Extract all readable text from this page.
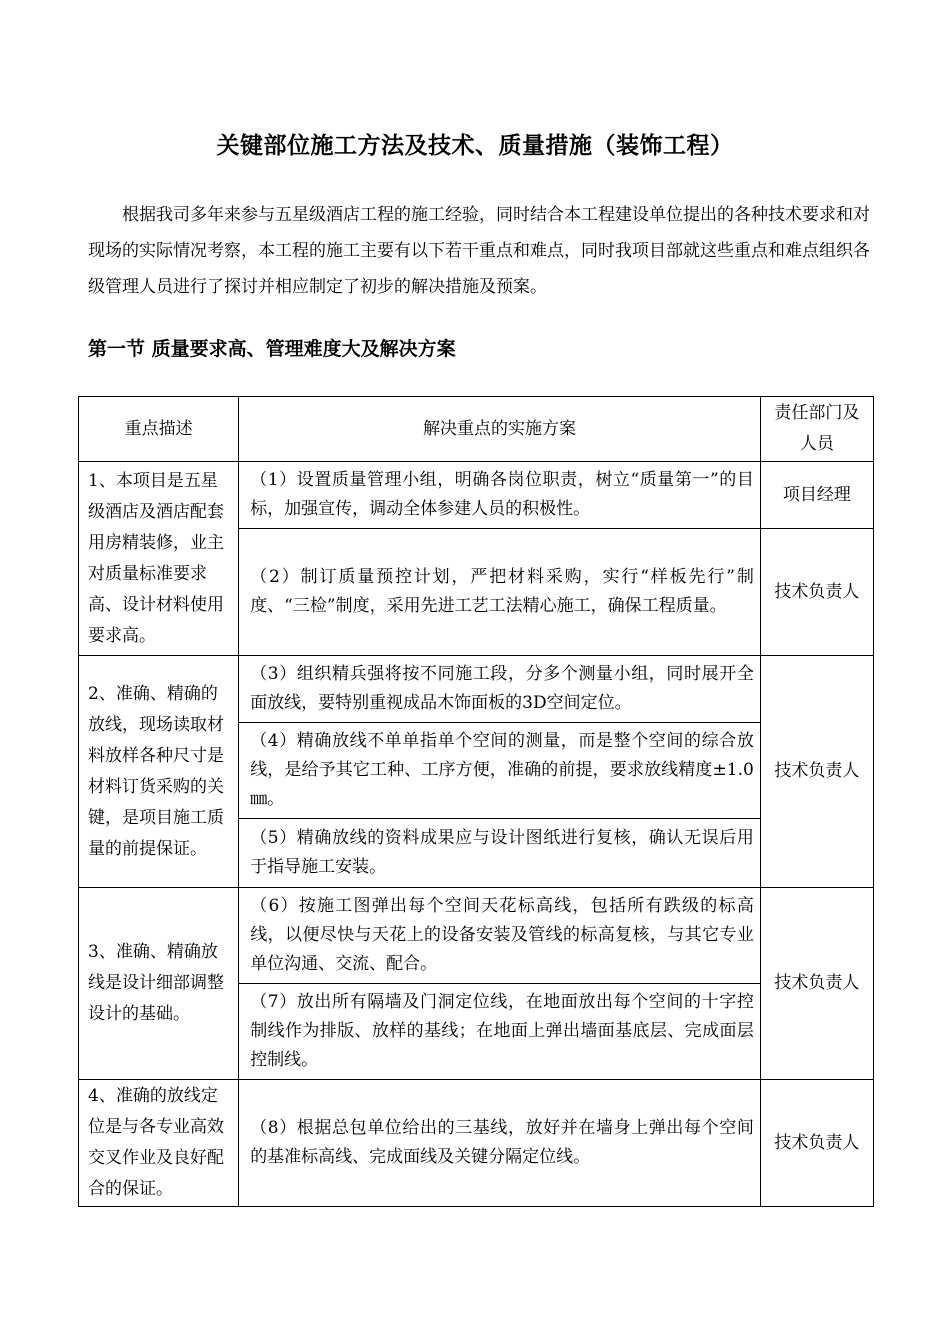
关键部位施工方法及技术、质量措施（装饰工程）
根据我司多年来参与五星级酒店工程的施工经验，同时结合本工程建设单位提出的各种技术要求和对现场的实际情况考察，本工程的施工主要有以下若干重点和难点，同时我项目部就这些重点和难点组织各级管理人员进行了探讨并相应制定了初步的解决措施及预案。
第一节 质量要求高、管理难度大及解决方案
重点描述	解决重点的实施方案	责任部门及人员
1、本项目是五星级酒店及酒店配套用房精装修，业主对质量标准要求高、设计材料使用要求高。	（1）设置质量管理小组，明确各岗位职责，树立“质量第一”的目标，加强宣传，调动全体参建人员的积极性。	项目经理
	（2）制订质量预控计划，严把材料采购，实行“样板先行”制度、“三检”制度，采用先进工艺工法精心施工，确保工程质量。	技术负责人
2、准确、精确的放线，现场读取材料放样各种尺寸是材料订货采购的关键，是项目施工质量的前提保证。	（3）组织精兵强将按不同施工段，分多个测量小组，同时展开全面放线，要特别重视成品木饰面板的3D空间定位。	技术负责人
	（4）精确放线不单单指单个空间的测量，而是整个空间的综合放线，是给予其它工种、工序方便，准确的前提，要求放线精度±1.0㎜。	
	（5）精确放线的资料成果应与设计图纸进行复核，确认无误后用于指导施工安装。	
3、准确、精确放线是设计细部调整设计的基础。	（6）按施工图弹出每个空间天花标高线，包括所有跌级的标高线，以便尽快与天花上的设备安装及管线的标高复核，与其它专业单位沟通、交流、配合。	技术负责人
	（7）放出所有隔墙及门洞定位线，在地面放出每个空间的十字控制线作为排版、放样的基线；在地面上弹出墙面基底层、完成面层控制线。	
4、准确的放线定位是与各专业高效交叉作业及良好配合的保证。	（8）根据总包单位给出的三基线，放好并在墙身上弹出每个空间的基准标高线、完成面线及关键分隔定位线。	技术负责人
